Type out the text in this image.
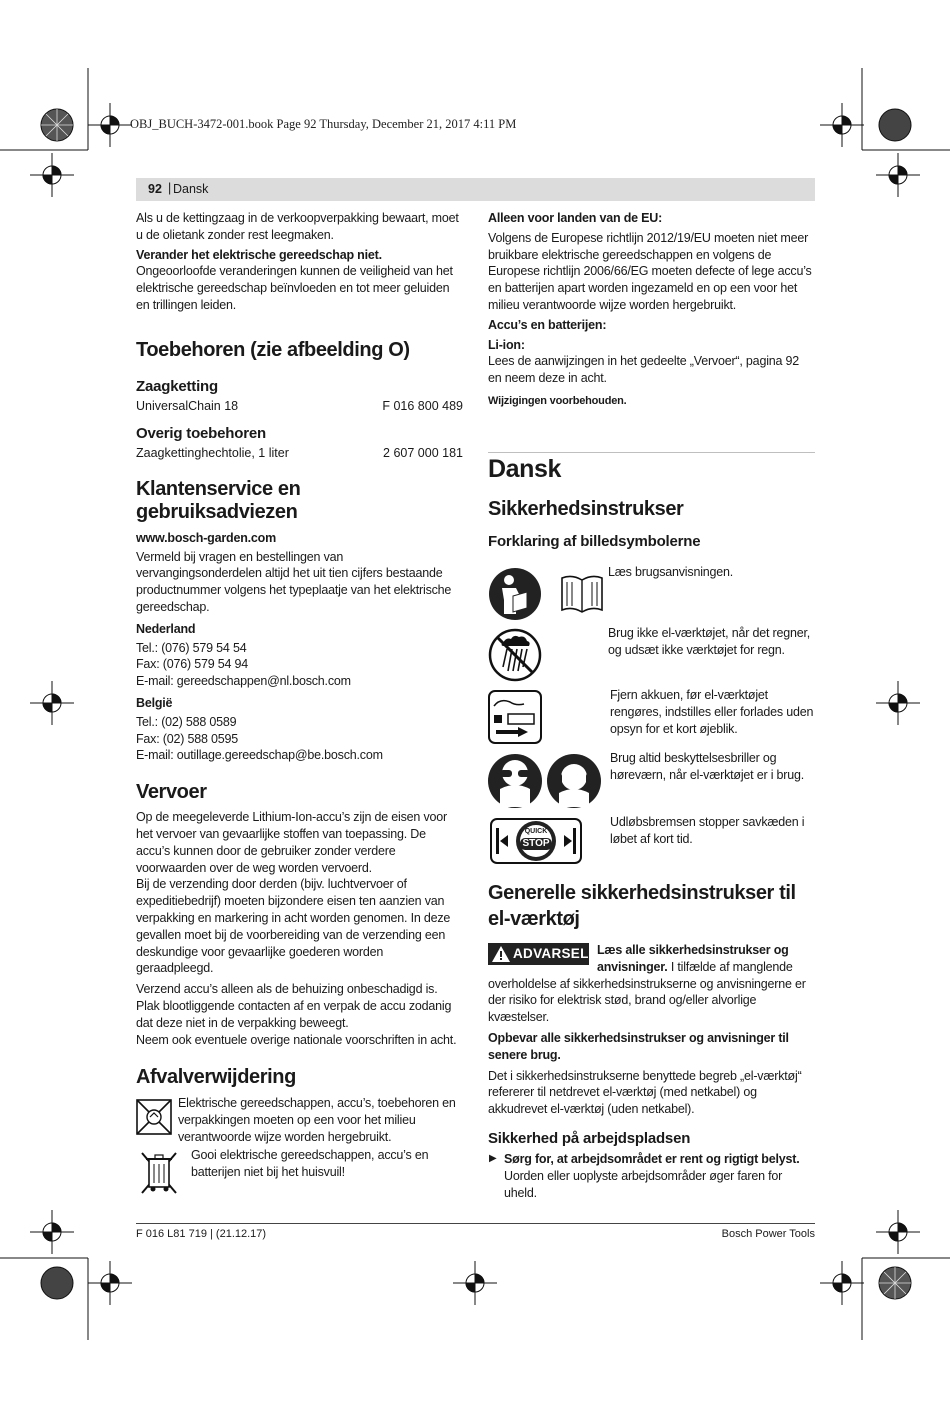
OBJ_BUCH-3472-001.book Page 92 Thursday, December 21, 2017 4:11 PM
92 | Dansk

Als u de kettingzaag in de verkoopverpakking bewaart, moet u de olietank zonder rest leegmaken.

Verander het elektrische gereedschap niet. Ongeoorloofde veranderingen kunnen de veiligheid van het elektrische gereedschap beïnvloeden en tot meer geluiden en trillingen leiden.

Toebehoren (zie afbeelding O)
Zaagketting
UniversalChain 18	F 016 800 489
Overig toebehoren
Zaagkettinghechtolie, 1 liter	2 607 000 181
Klantenservice en gebruiksadviezen

www.bosch-garden.com

Vermeld bij vragen en bestellingen van vervangingsonderdelen altijd het uit tien cijfers bestaande productnummer volgens het typeplaatje van het elektrische gereedschap.

Nederland

Tel.: (076) 579 54 54

Fax: (076) 579 54 94

E-mail: gereedschappen@nl.bosch.com

België

Tel.: (02) 588 0589

Fax: (02) 588 0595

E-mail: outillage.gereedschap@be.bosch.com

Vervoer

Op de meegeleverde Lithium-Ion-accu’s zijn de eisen voor het vervoer van gevaarlijke stoffen van toepassing. De accu’s kunnen door de gebruiker zonder verdere voorwaarden over de weg worden vervoerd.

Bij de verzending door derden (bijv. luchtvervoer of expeditiebedrijf) moeten bijzondere eisen ten aanzien van verpakking en markering in acht worden genomen. In deze gevallen moet bij de voorbereiding van de verzending een deskundige voor gevaarlijke goederen worden geraadpleegd.

Verzend accu’s alleen als de behuizing onbeschadigd is. Plak blootliggende contacten af en verpak de accu zodanig dat deze niet in de verpakking beweegt.

Neem ook eventuele overige nationale voorschriften in acht.

Afvalverwijdering

Elektrische gereedschappen, accu’s, toebehoren en verpakkingen moeten op een voor het milieu verantwoorde wijze worden hergebruikt.

Gooi elektrische gereedschappen, accu’s en batterijen niet bij het huisvuil!

Alleen voor landen van de EU:

Volgens de Europese richtlijn 2012/19/EU moeten niet meer bruikbare elektrische gereedschappen en volgens de Europese richtlijn 2006/66/EG moeten defecte of lege accu’s en batterijen apart worden ingezameld en op een voor het milieu verantwoorde wijze worden hergebruikt.

Accu’s en batterijen:

Li-ion:

Lees de aanwijzingen in het gedeelte „Vervoer“, pagina 92 en neem deze in acht.

Wijzigingen voorbehouden.

Dansk
Sikkerhedsinstrukser
Forklaring af billedsymbolerne

Læs brugsanvisningen.

Brug ikke el-værktøjet, når det regner, og udsæt ikke værktøjet for regn.

Fjern akkuen, før el-værktøjet rengøres, indstilles eller forlades uden opsyn for et kort øjeblik.

Brug altid beskyttelsesbriller og høreværn, når el-værktøjet er i brug.

QUICK
STOP

Udløbsbremsen stopper savkæden i løbet af kort tid.

Generelle sikkerhedsinstrukser til el-værktøj
ADVARSEL Læs alle sikkerhedsinstrukser og anvisninger. I tilfælde af manglende overholdelse af sikkerhedsinstrukserne og anvisningerne er der risiko for elektrisk stød, brand og/eller alvorlige kvæstelser.

Opbevar alle sikkerhedsinstrukser og anvisninger til senere brug.

Det i sikkerhedsinstrukserne benyttede begreb „el-værktøj“ refererer til netdrevet el-værktøj (med netkabel) og akkudrevet el-værktøj (uden netkabel).

Sikkerhed på arbejdspladsen
▶ Sørg for, at arbejdsområdet er rent og rigtigt belyst.

Uorden eller uoplyste arbejdsområder øger faren for uheld.

F 016 L81 719 | (21.12.17)	Bosch Power Tools
